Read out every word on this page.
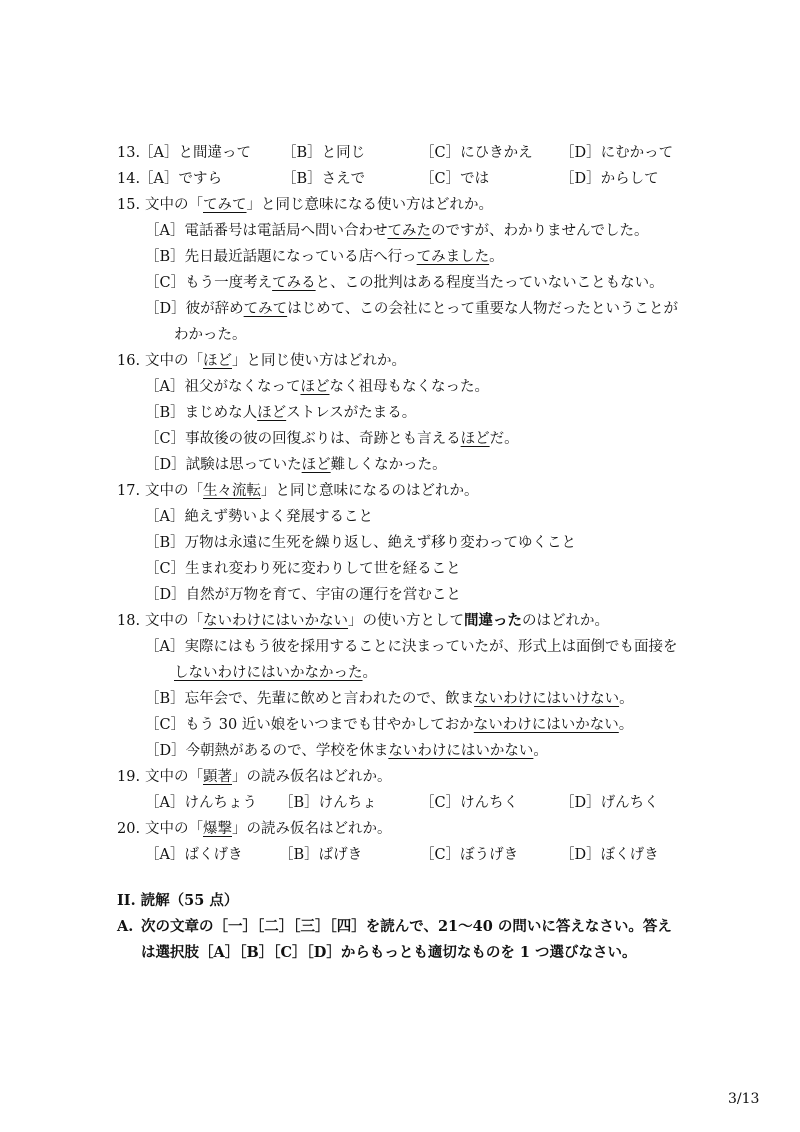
13.
［A］と間違って ［B］と同じ	［C］にひきかえ ［D］にむかって
14.
［A］ですら	［B］さえで	［C］では	［D］からして
15. 文中の「てみて」と同じ意味になる使い方はどれか。
［A］電話番号は電話局へ問い合わせてみたのですが、わかりませんでした。
［B］先日最近話題になっている店へ行ってみました。
［C］もう一度考えてみると、この批判はある程度当たっていないこともない。
［D］彼が辞めてみてはじめて、この会社にとって重要な人物だったということが
わかった。
16. 文中の「ほど」と同じ使い方はどれか。
［A］祖父がなくなってほどなく祖母もなくなった。
［B］まじめな人ほどストレスがたまる。
［C］事故後の彼の回復ぶりは、奇跡とも言えるほどだ。
［D］試験は思っていたほど難しくなかった。
17. 文中の「生々流転」と同じ意味になるのはどれか。
［A］絶えず勢いよく発展すること
［B］万物は永遠に生死を繰り返し、絶えず移り変わってゆくこと
［C］生まれ変わり死に変わりして世を経ること
［D］自然が万物を育て、宇宙の運行を営むこと
18. 文中の「ないわけにはいかない」の使い方として間違ったのはどれか。
［A］実際にはもう彼を採用することに決まっていたが、形式上は面倒でも面接を
しないわけにはいかなかった。
［B］忘年会で、先輩に飲めと言われたので、飲まないわけにはいけない。
［C］もう 30 近い娘をいつまでも甘やかしておかないわけにはいかない。
［D］今朝熱があるので、学校を休まないわけにはいかない。
19. 文中の「顕著」の読み仮名はどれか。
［A］けんちょう ［B］けんちょ	［C］けんちく	［D］げんちく
20. 文中の「爆撃」の読み仮名はどれか。
［A］ばくげき	［B］ばげき	［C］ぼうげき	［D］ぼくげき
II. 読解（55 点）
A. 次の文章の［一］［二］［三］［四］を読んで、21～40 の問いに答えなさい。答え
は選択肢［A］［B］［C］［D］からもっとも適切なものを 1 つ選びなさい。
3/13
